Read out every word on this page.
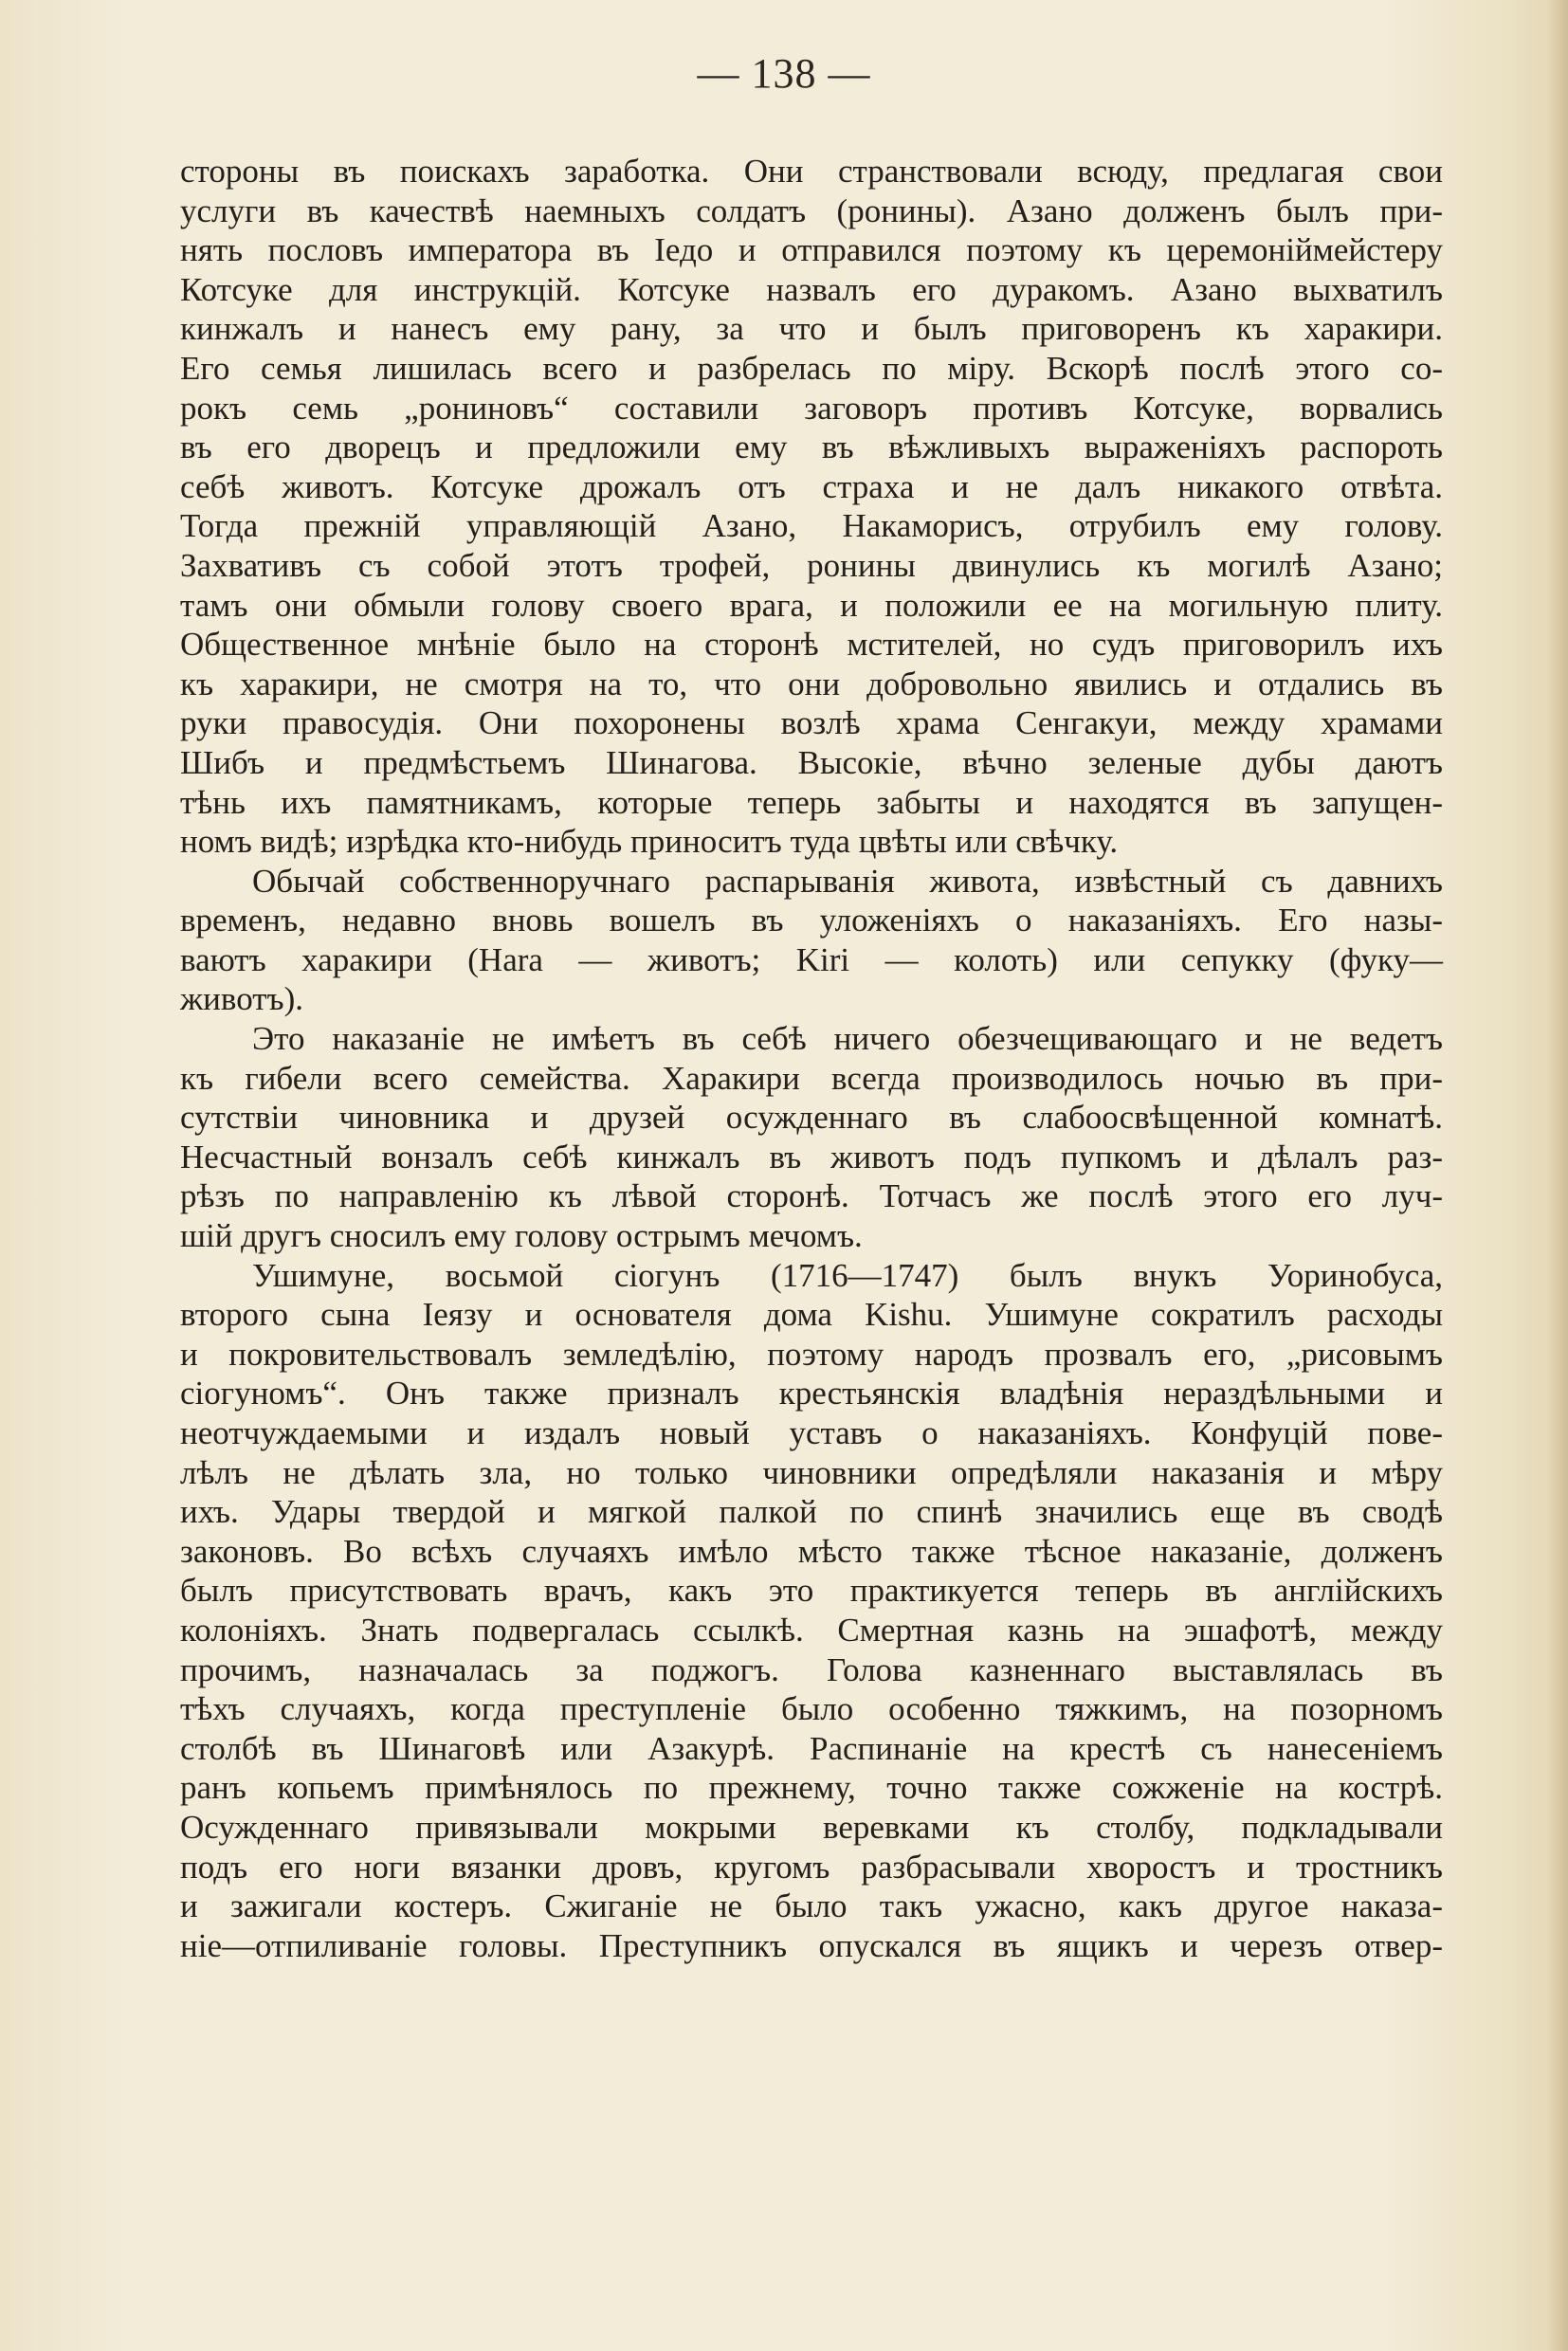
— 138 —

стороны въ поискахъ заработка. Они странствовали всюду, предлагая свои

услуги въ качествѣ наемныхъ солдатъ (ронины). Азано долженъ былъ при-

нять пословъ императора въ Іедо и отправился поэтому къ церемоніймейстеру

Котсуке для инструкцій. Котсуке назвалъ его дуракомъ. Азано выхватилъ

кинжалъ и нанесъ ему рану, за что и былъ приговоренъ къ харакири.

Его семья лишилась всего и разбрелась по міру. Вскорѣ послѣ этого со-

рокъ семь „рониновъ“ составили заговоръ противъ Котсуке, ворвались

въ его дворецъ и предложили ему въ вѣжливыхъ выраженіяхъ распороть

себѣ животъ. Котсуке дрожалъ отъ страха и не далъ никакого отвѣта.

Тогда прежній управляющій Азано, Накаморисъ, отрубилъ ему голову.

Захвативъ съ собой этотъ трофей, ронины двинулись къ могилѣ Азано;

тамъ они обмыли голову своего врага, и положили ее на могильную плиту.

Общественное мнѣніе было на сторонѣ мстителей, но судъ приговорилъ ихъ

къ харакири, не смотря на то, что они добровольно явились и отдались въ

руки правосудія. Они похоронены возлѣ храма Сенгакуи, между храмами

Шибъ и предмѣстьемъ Шинагова. Высокіе, вѣчно зеленые дубы даютъ

тѣнь ихъ памятникамъ, которые теперь забыты и находятся въ запущен-

номъ видѣ; изрѣдка кто-нибудь приноситъ туда цвѣты или свѣчку.

Обычай собственноручнаго распарыванія живота, извѣстный съ давнихъ

временъ, недавно вновь вошелъ въ уложеніяхъ о наказаніяхъ. Его назы-

ваютъ харакири (Hara — животъ; Kiri — колоть) или сепукку (фуку—

животъ).

Это наказаніе не имѣетъ въ себѣ ничего обезчещивающаго и не ведетъ

къ гибели всего семейства. Харакири всегда производилось ночью въ при-

сутствіи чиновника и друзей осужденнаго въ слабоосвѣщенной комнатѣ.

Несчастный вонзалъ себѣ кинжалъ въ животъ подъ пупкомъ и дѣлалъ раз-

рѣзъ по направленію къ лѣвой сторонѣ. Тотчасъ же послѣ этого его луч-

шій другъ сносилъ ему голову острымъ мечомъ.

Ушимуне, восьмой сіогунъ (1716—1747) былъ внукъ Уоринобуса,

второго сына Іеязу и основателя дома Kishu. Ушимуне сократилъ расходы

и покровительствовалъ земледѣлію, поэтому народъ прозвалъ его, „рисовымъ

сіогуномъ“. Онъ также призналъ крестьянскія владѣнія нераздѣльными и

неотчуждаемыми и издалъ новый уставъ о наказаніяхъ. Конфуцій пове-

лѣлъ не дѣлать зла, но только чиновники опредѣляли наказанія и мѣру

ихъ. Удары твердой и мягкой палкой по спинѣ значились еще въ сводѣ

законовъ. Во всѣхъ случаяхъ имѣло мѣсто также тѣсное наказаніе, долженъ

былъ присутствовать врачъ, какъ это практикуется теперь въ англійскихъ

колоніяхъ. Знать подвергалась ссылкѣ. Смертная казнь на эшафотѣ, между

прочимъ, назначалась за поджогъ. Голова казненнаго выставлялась въ

тѣхъ случаяхъ, когда преступленіе было особенно тяжкимъ, на позорномъ

столбѣ въ Шинаговѣ или Азакурѣ. Распинаніе на крестѣ съ нанесеніемъ

ранъ копьемъ примѣнялось по прежнему, точно также сожженіе на кострѣ.

Осужденнаго привязывали мокрыми веревками къ столбу, подкладывали

подъ его ноги вязанки дровъ, кругомъ разбрасывали хворостъ и тростникъ

и зажигали костеръ. Сжиганіе не было такъ ужасно, какъ другое наказа-

ніе—отпиливаніе головы. Преступникъ опускался въ ящикъ и черезъ отвер-
